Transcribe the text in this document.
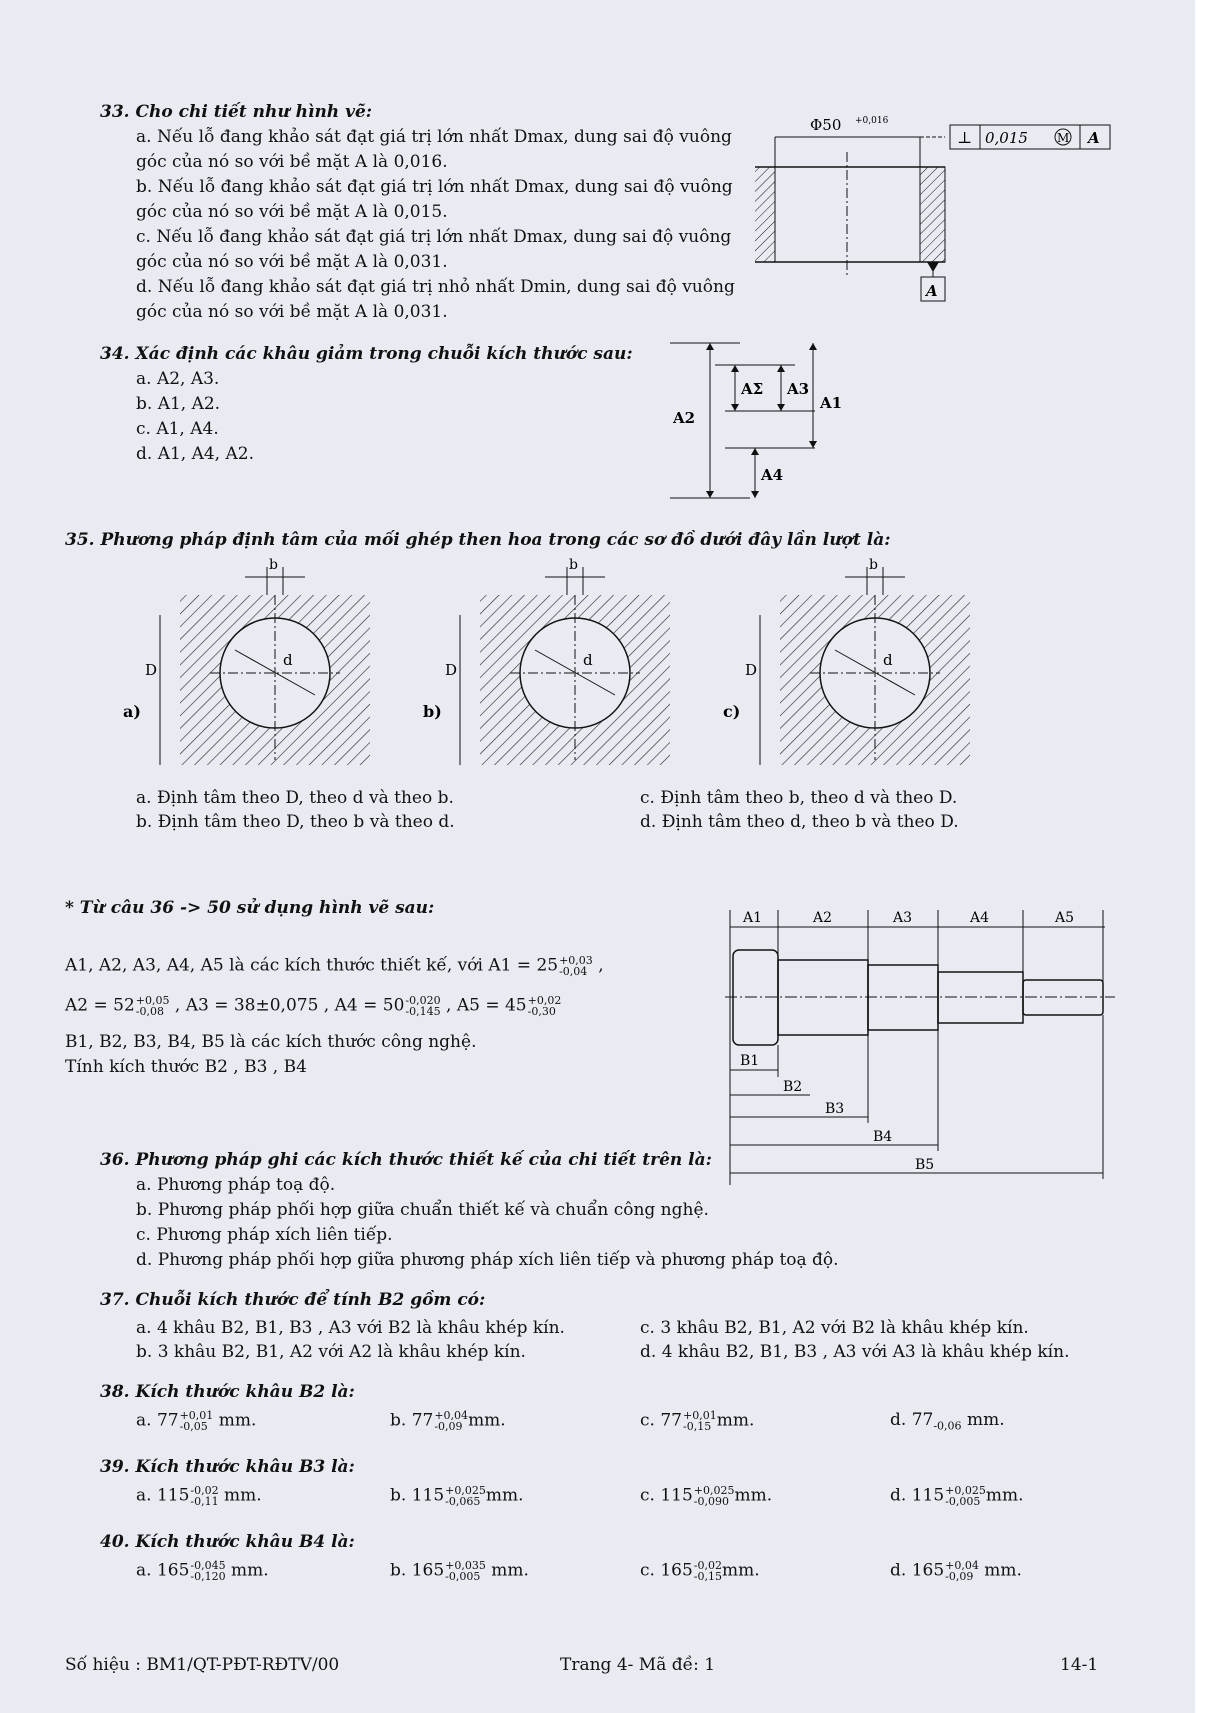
33. Cho chi tiết như hình vẽ:
a. Nếu lỗ đang khảo sát đạt giá trị lớn nhất Dmax, dung sai độ vuông góc của nó so với bề mặt A là 0,016.
b. Nếu lỗ đang khảo sát đạt giá trị lớn nhất Dmax, dung sai độ vuông góc của nó so với bề mặt A là 0,015.
c. Nếu lỗ đang khảo sát đạt giá trị lớn nhất Dmax, dung sai độ vuông góc của nó so với bề mặt A là 0,031.
d. Nếu lỗ đang khảo sát đạt giá trị nhỏ nhất Dmin, dung sai độ vuông góc của nó so với bề mặt A là 0,031.
Φ50 +0,016
⊥ 0,015 M A
A
34. Xác định các khâu giảm trong chuỗi kích thước sau:
a. A2, A3.
b. A1, A2.
c. A1, A4.
d. A1, A4, A2.
A2
AΣ A3
A1
A4
35. Phương pháp định tâm của mối ghép then hoa trong các sơ đồ dưới đây lần lượt là:
b
D
d
a)
b
D
d
b)
b
D
d
c)
a. Định tâm theo D, theo d và theo b.
b. Định tâm theo D, theo b và theo d.
c. Định tâm theo b, theo d và theo D.
d. Định tâm theo d, theo b và theo D.
* Từ câu 36 -> 50 sử dụng hình vẽ sau:
A1, A2, A3, A4, A5 là các kích thước thiết kế, với A1 = 25 +0,03
-0,04 ,
A2 = 52 +0,05
-0,08 , A3 = 38±0,075 , A4 = 50 -0,020
-0,145 , A5 = 45 +0,02
-0,30
B1, B2, B3, B4, B5 là các kích thước công nghệ.
Tính kích thước B2 , B3 , B4
A1	A2	A3	A4	A5
B1
B2
B3
B4
B5
36. Phương pháp ghi các kích thước thiết kế của chi tiết trên là:
a. Phương pháp toạ độ.
b. Phương pháp phối hợp giữa chuẩn thiết kế và chuẩn công nghệ.
c. Phương pháp xích liên tiếp.
d. Phương pháp phối hợp giữa phương pháp xích liên tiếp và phương pháp toạ độ.
37. Chuỗi kích thước để tính B2 gồm có:
a. 4 khâu B2, B1, B3 , A3 với B2 là khâu khép kín.
b. 3 khâu B2, B1, A2 với A2 là khâu khép kín.
c. 3 khâu B2, B1, A2 với B2 là khâu khép kín.
d. 4 khâu B2, B1, B3 , A3 với A3 là khâu khép kín.
38. Kích thước khâu B2 là:
a. 77 +0,01
-0,05 mm.	b. 77 +0,04
-0,09 mm.	c. 77 +0,01
-0,15 mm.	d. $77_{-0,06}$ mm.
39. Kích thước khâu B3 là:
a. 115 -0,02
-0,11 mm.	b. 115 +0,025
-0,065 mm.	c. 115 +0,025
-0,090 mm.	d. 115 +0,025
-0,005 mm.
40. Kích thước khâu B4 là:
a. 165 -0,045
-0,120 mm.	b. 165 +0,035
-0,005 mm.	c. 165 -0,02
-0,15 mm.	d. 165 +0,04
-0,09 mm.
Số hiệu : BM1/QT-PĐT-RĐTV/00	Trang 4- Mã đề: 1	14-1
